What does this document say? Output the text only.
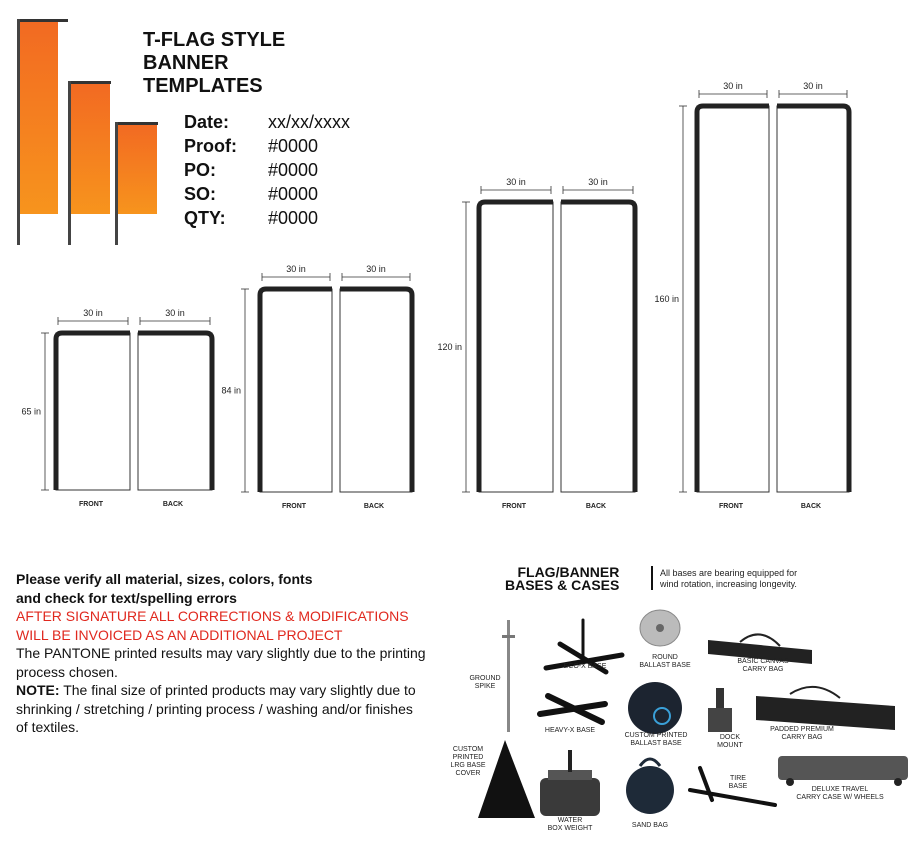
T-FLAG STYLE
BANNER
TEMPLATES
Date: xx/xx/xxxx
Proof: #0000
PO:	#0000
SO:	#0000
QTY: #0000
30 in	30 in
65 in
FRONT	BACK
30 in	30 in
84 in
FRONT	BACK
30 in	30 in
120 in
FRONT	BACK
30 in	30 in
160 in
FRONT	BACK
Please verify all material, sizes, colors, fonts
and check for text/spelling errors
AFTER SIGNATURE ALL CORRECTIONS & MODIFICATIONS
WILL BE INVOICED AS AN ADDITIONAL PROJECT
The PANTONE printed results may vary slightly due to the printing process chosen.
NOTE: The final size of printed products may vary slightly due to shrinking / stretching / printing process / washing and/or finishes of textiles.
FLAG/BANNER
BASES & CASES
All bases are bearing equipped for
wind rotation, increasing longevity.
GROUND
SPIKE
ECO-X BASE
ROUND
BALLAST BASE
BASIC CANVAS
CARRY BAG
HEAVY-X BASE
CUSTOM PRINTED
BALLAST BASE
DOCK
MOUNT
PADDED PREMIUM
CARRY BAG
CUSTOM
PRINTED
LRG BASE
COVER
WATER
BOX WEIGHT	SAND BAG
TIRE
BASE	DELUXE TRAVEL
CARRY CASE W/ WHEELS
